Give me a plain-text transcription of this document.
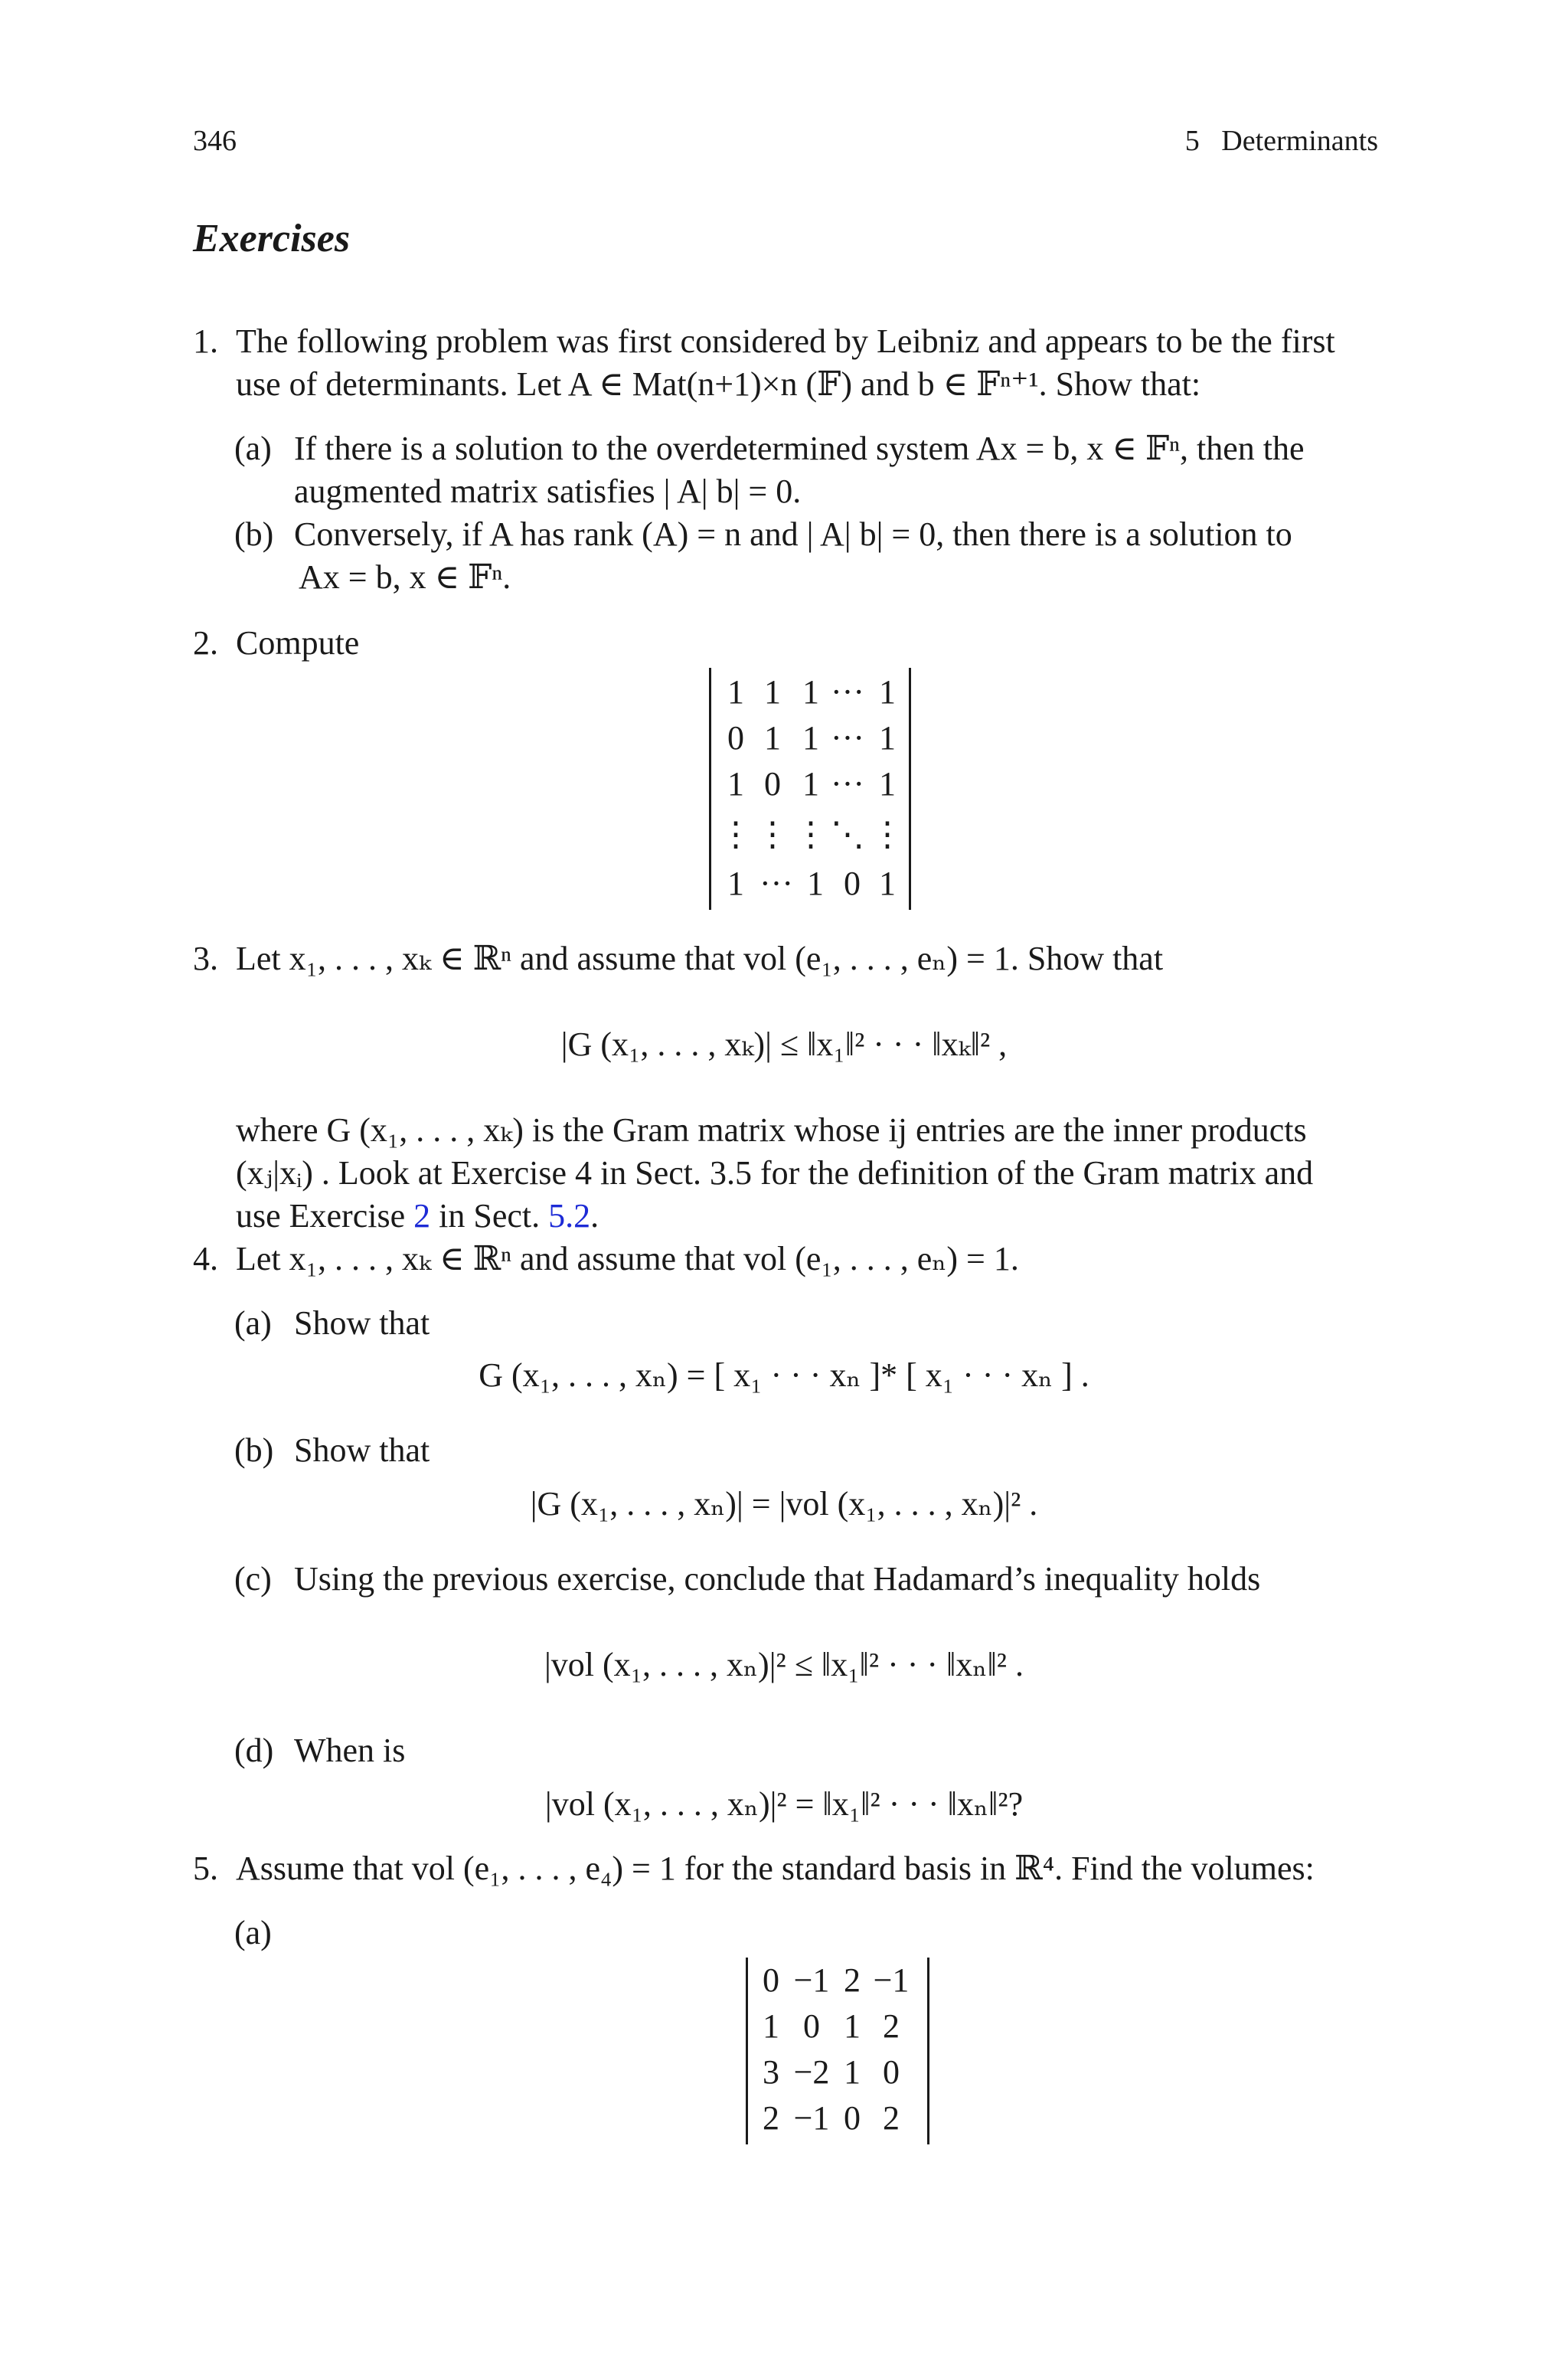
346	5   Determinants
Exercises
1. The following problem was first considered by Leibniz and appears to be the first
use of determinants. Let A ∈ Mat(n+1)×n (𝔽) and b ∈ 𝔽ⁿ⁺¹. Show that:
(a) If there is a solution to the overdetermined system Ax = b, x ∈ 𝔽ⁿ, then the
augmented matrix satisfies | A| b| = 0.
(b) Conversely, if A has rank (A) = n and | A| b| = 0, then there is a solution to
Ax = b, x ∈ 𝔽ⁿ.
2. Compute
1 1 1 ··· 1
0 1 1 ··· 1
1 0 1 ··· 1
⋮ ⋮ ⋮ ⋱ ⋮
1 ··· 1 0 1
3. Let x₁, . . . , xₖ ∈ ℝⁿ and assume that vol (e₁, . . . , eₙ) = 1. Show that
|G (x₁, . . . , xₖ)| ≤ ‖x₁‖² · · · ‖xₖ‖² ,
where G (x₁, . . . , xₖ) is the Gram matrix whose ij entries are the inner products
(xⱼ|xᵢ) . Look at Exercise 4 in Sect. 3.5 for the definition of the Gram matrix and
use Exercise 2 in Sect. 5.2.
4. Let x₁, . . . , xₖ ∈ ℝⁿ and assume that vol (e₁, . . . , eₙ) = 1.
(a) Show that
G (x₁, . . . , xₙ) = [ x₁ · · · xₙ ]* [ x₁ · · · xₙ ] .
(b) Show that
|G (x₁, . . . , xₙ)| = |vol (x₁, . . . , xₙ)|² .
(c) Using the previous exercise, conclude that Hadamard’s inequality holds
|vol (x₁, . . . , xₙ)|² ≤ ‖x₁‖² · · · ‖xₙ‖² .
(d) When is
|vol (x₁, . . . , xₙ)|² = ‖x₁‖² · · · ‖xₙ‖²?
5. Assume that vol (e₁, . . . , e₄) = 1 for the standard basis in ℝ⁴. Find the volumes:
(a)
0 −1 2 −1
1 0 1 2
3 −2 1 0
2 −1 0 2
